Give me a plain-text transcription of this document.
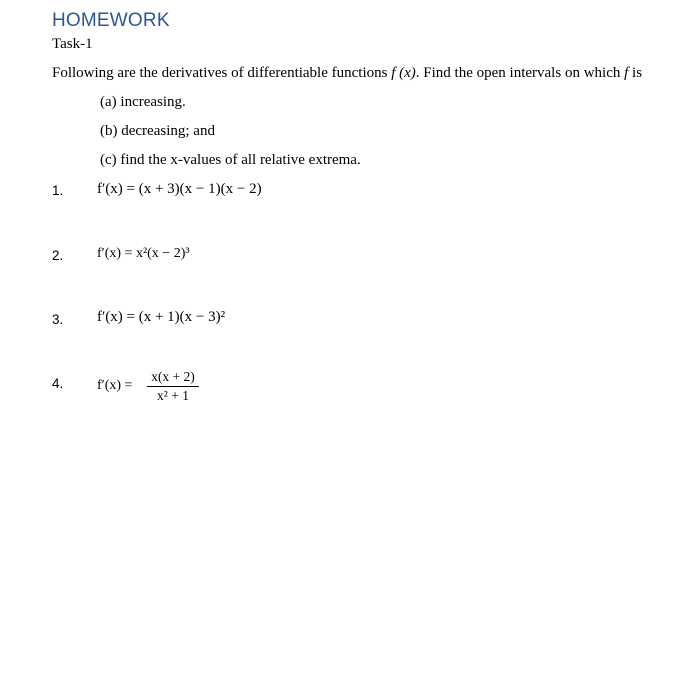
HOMEWORK
Task-1
Following are the derivatives of differentiable functions f (x). Find the open intervals on which f is
(a) increasing.
(b) decreasing; and
(c) find the x-values of all relative extrema.
1. f′(x) = (x + 3)(x − 1)(x − 2)
2. f′(x) = x²(x − 2)³
3. f′(x) = (x + 1)(x − 3)²
4. f′(x) =
x(x + 2)
x² + 1
